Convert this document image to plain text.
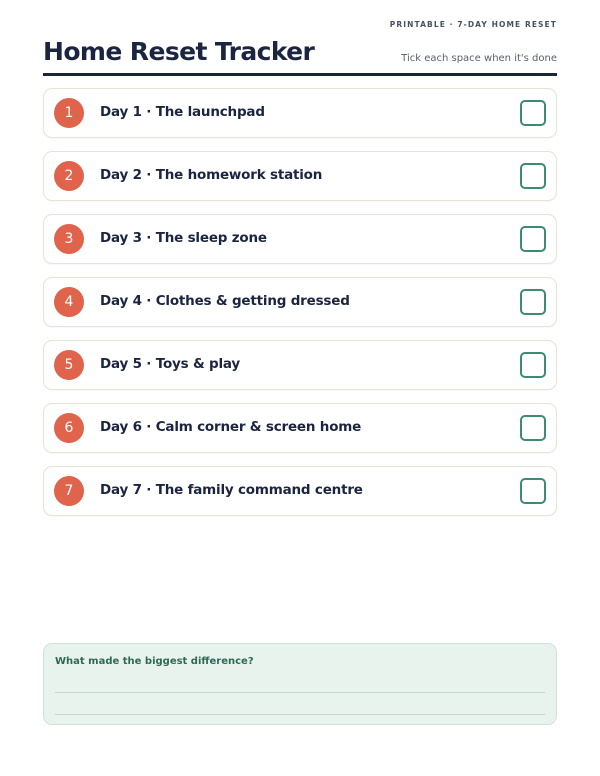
PRINTABLE · 7-DAY HOME RESET
Home Reset Tracker	Tick each space when it's done
1	Day 1 · The launchpad
2	Day 2 · The homework station
3	Day 3 · The sleep zone
4	Day 4 · Clothes & getting dressed
5	Day 5 · Toys & play
6	Day 6 · Calm corner & screen home
7	Day 7 · The family command centre
What made the biggest difference?
